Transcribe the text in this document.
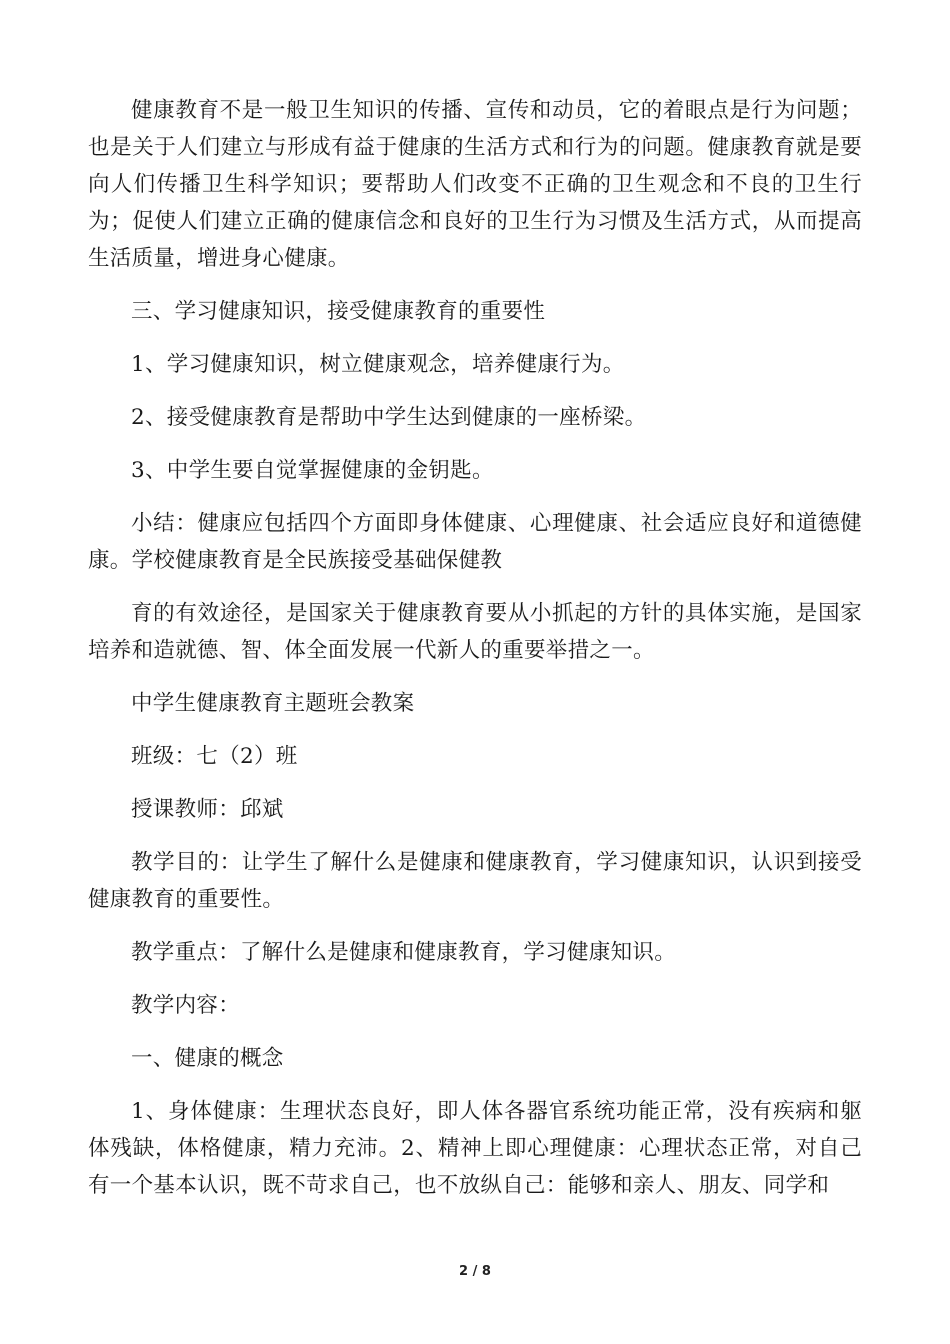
健康教育不是一般卫生知识的传播、宣传和动员，它的着眼点是行为问题；也是关于人们建立与形成有益于健康的生活方式和行为的问题。健康教育就是要向人们传播卫生科学知识；要帮助人们改变不正确的卫生观念和不良的卫生行为；促使人们建立正确的健康信念和良好的卫生行为习惯及生活方式，从而提高生活质量，增进身心健康。

三、学习健康知识，接受健康教育的重要性

1、学习健康知识，树立健康观念，培养健康行为。

2、接受健康教育是帮助中学生达到健康的一座桥梁。

3、中学生要自觉掌握健康的金钥匙。

小结：健康应包括四个方面即身体健康、心理健康、社会适应良好和道德健康。学校健康教育是全民族接受基础保健教

育的有效途径，是国家关于健康教育要从小抓起的方针的具体实施，是国家培养和造就德、智、体全面发展一代新人的重要举措之一。

中学生健康教育主题班会教案

班级：七（2）班

授课教师：邱斌

教学目的：让学生了解什么是健康和健康教育，学习健康知识，认识到接受健康教育的重要性。

教学重点：了解什么是健康和健康教育，学习健康知识。

教学内容：

一、健康的概念

1、身体健康：生理状态良好，即人体各器官系统功能正常，没有疾病和躯体残缺，体格健康，精力充沛。2、精神上即心理健康：心理状态正常，对自己有一个基本认识，既不苛求自己，也不放纵自己：能够和亲人、朋友、同学和

2 / 8
